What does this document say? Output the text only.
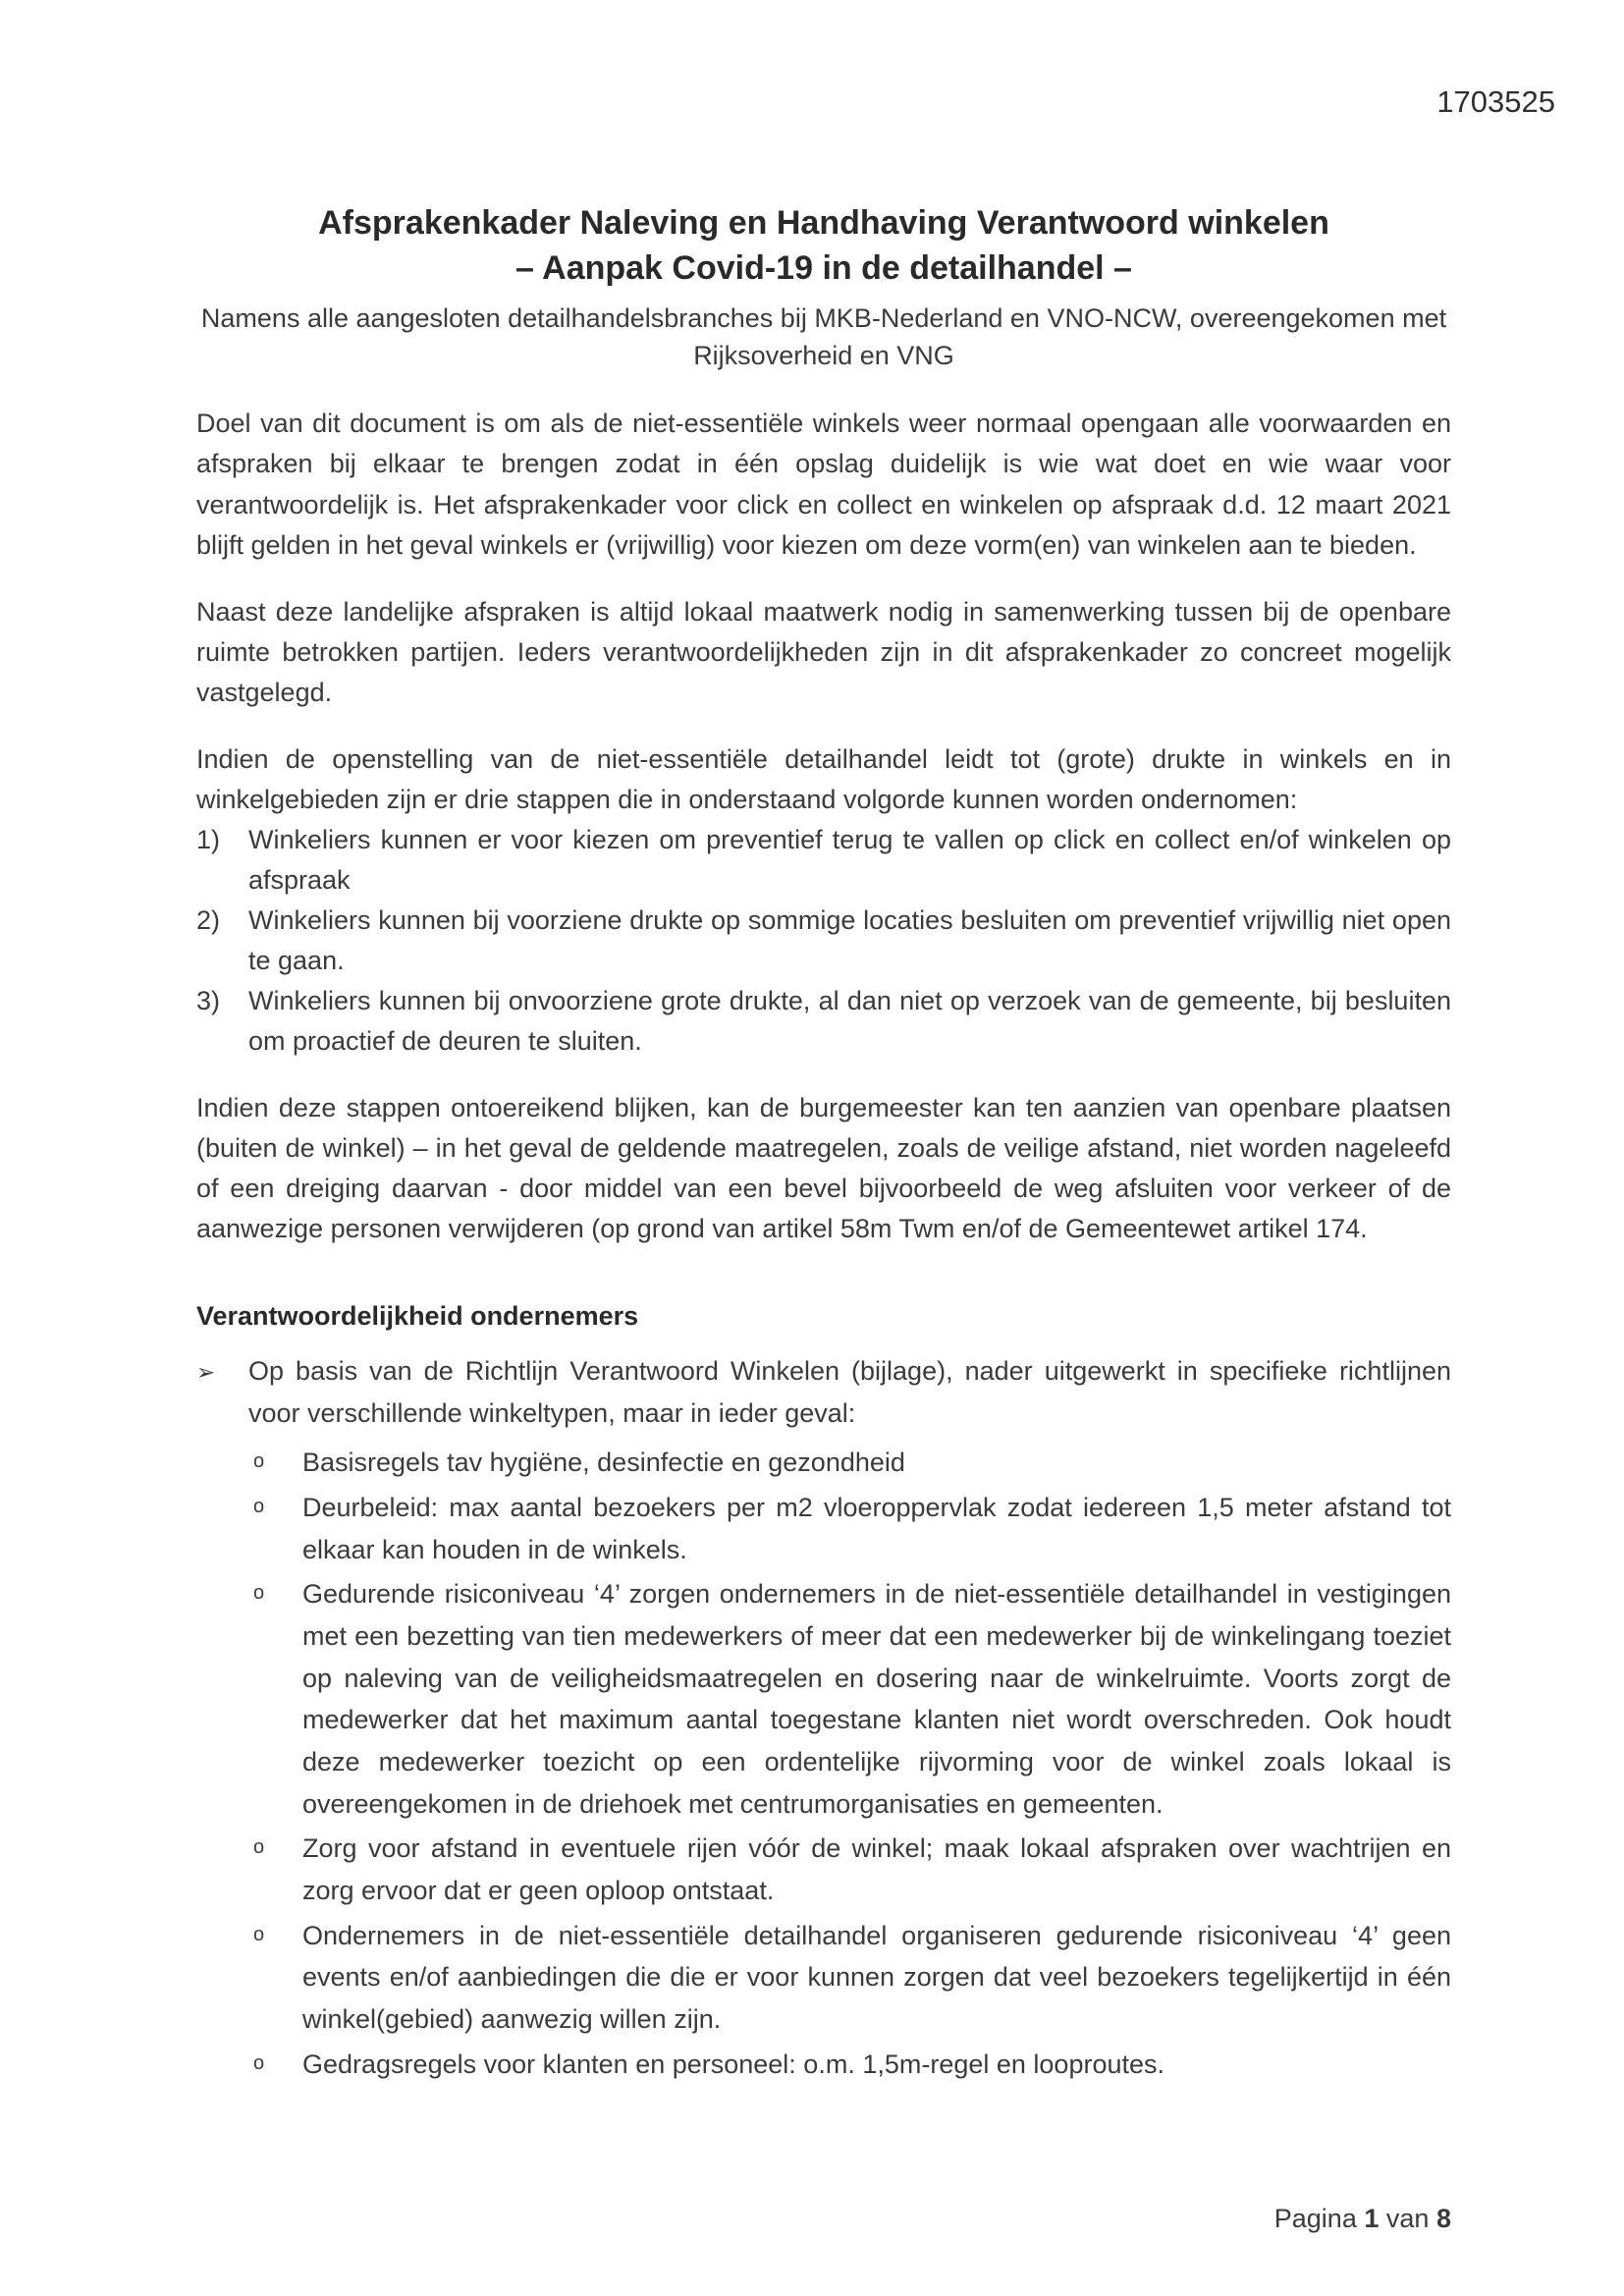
1703525
Afsprakenkader Naleving en Handhaving Verantwoord winkelen
– Aanpak Covid-19 in de detailhandel –

Namens alle aangesloten detailhandelsbranches bij MKB-Nederland en VNO-NCW, overeengekomen met Rijksoverheid en VNG

Doel van dit document is om als de niet-essentiële winkels weer normaal opengaan alle voorwaarden en afspraken bij elkaar te brengen zodat in één opslag duidelijk is wie wat doet en wie waar voor verantwoordelijk is. Het afsprakenkader voor click en collect en winkelen op afspraak d.d. 12 maart 2021 blijft gelden in het geval winkels er (vrijwillig) voor kiezen om deze vorm(en) van winkelen aan te bieden.

Naast deze landelijke afspraken is altijd lokaal maatwerk nodig in samenwerking tussen bij de openbare ruimte betrokken partijen. Ieders verantwoordelijkheden zijn in dit afsprakenkader zo concreet mogelijk vastgelegd.

Indien de openstelling van de niet-essentiële detailhandel leidt tot (grote) drukte in winkels en in winkelgebieden zijn er drie stappen die in onderstaand volgorde kunnen worden ondernomen:

1)	Winkeliers kunnen er voor kiezen om preventief terug te vallen op click en collect en/of winkelen op afspraak
2)	Winkeliers kunnen bij voorziene drukte op sommige locaties besluiten om preventief vrijwillig niet open te gaan.
3)	Winkeliers kunnen bij onvoorziene grote drukte, al dan niet op verzoek van de gemeente, bij besluiten om proactief de deuren te sluiten.

Indien deze stappen ontoereikend blijken, kan de burgemeester kan ten aanzien van openbare plaatsen (buiten de winkel) – in het geval de geldende maatregelen, zoals de veilige afstand, niet worden nageleefd of een dreiging daarvan - door middel van een bevel bijvoorbeeld de weg afsluiten voor verkeer of de aanwezige personen verwijderen (op grond van artikel 58m Twm en/of de Gemeentewet artikel 174.

Verantwoordelijkheid ondernemers
➢	Op basis van de Richtlijn Verantwoord Winkelen (bijlage), nader uitgewerkt in specifieke richtlijnen voor verschillende winkeltypen, maar in ieder geval:
o	Basisregels tav hygiëne, desinfectie en gezondheid
o	Deurbeleid: max aantal bezoekers per m2 vloeroppervlak zodat iedereen 1,5 meter afstand tot elkaar kan houden in de winkels.
o	Gedurende risiconiveau ‘4’ zorgen ondernemers in de niet-essentiële detailhandel in vestigingen met een bezetting van tien medewerkers of meer dat een medewerker bij de winkelingang toeziet op naleving van de veiligheidsmaatregelen en dosering naar de winkelruimte. Voorts zorgt de medewerker dat het maximum aantal toegestane klanten niet wordt overschreden. Ook houdt deze medewerker toezicht op een ordentelijke rijvorming voor de winkel zoals lokaal is overeengekomen in de driehoek met centrumorganisaties en gemeenten.
o	Zorg voor afstand in eventuele rijen vóór de winkel; maak lokaal afspraken over wachtrijen en zorg ervoor dat er geen oploop ontstaat.
o	Ondernemers in de niet-essentiële detailhandel organiseren gedurende risiconiveau ‘4’ geen events en/of aanbiedingen die die er voor kunnen zorgen dat veel bezoekers tegelijkertijd in één winkel(gebied) aanwezig willen zijn.
o	Gedragsregels voor klanten en personeel: o.m. 1,5m-regel en looproutes.
Pagina 1 van 8
